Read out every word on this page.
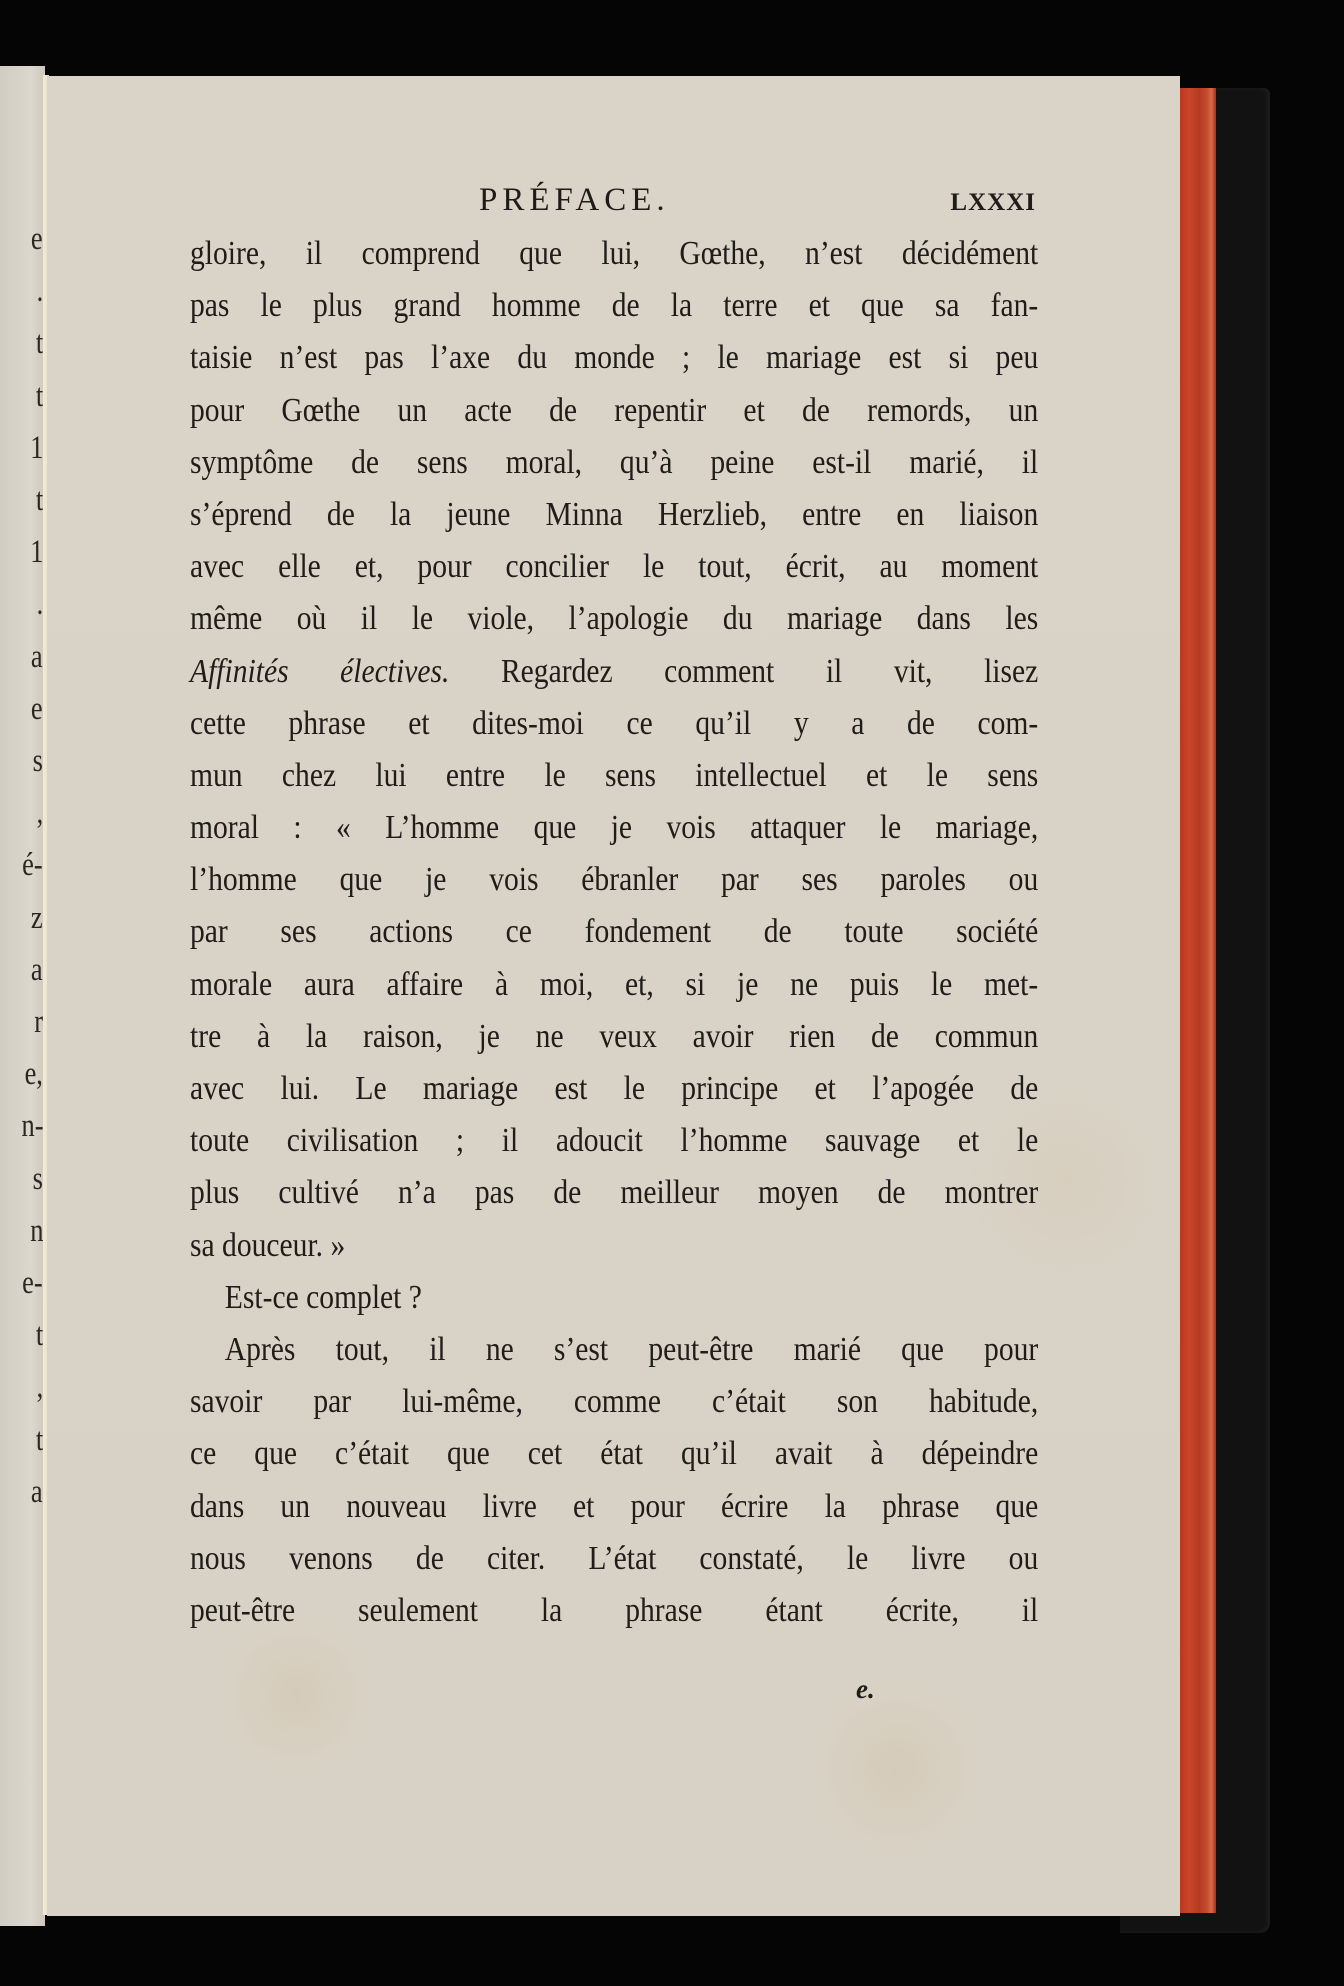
e
.
t
t
1
t
1
.
a
e
s
,
é-
z
a
r
e,
n-
s
n
e-
t
,
t
a
PRÉFACE.	LXXXI
gloire, il comprend que lui, Gœthe, n’est décidément
pas le plus grand homme de la terre et que sa fan-
taisie n’est pas l’axe du monde ; le mariage est si peu
pour Gœthe un acte de repentir et de remords, un
symptôme de sens moral, qu’à peine est-il marié, il
s’éprend de la jeune Minna Herzlieb, entre en liaison
avec elle et, pour concilier le tout, écrit, au moment
même où il le viole, l’apologie du mariage dans les
Affinités électives. Regardez comment il vit, lisez
cette phrase et dites-moi ce qu’il y a de com-
mun chez lui entre le sens intellectuel et le sens
moral : « L’homme que je vois attaquer le mariage,
l’homme que je vois ébranler par ses paroles ou
par ses actions ce fondement de toute société
morale aura affaire à moi, et, si je ne puis le met-
tre à la raison, je ne veux avoir rien de commun
avec lui. Le mariage est le principe et l’apogée de
toute civilisation ; il adoucit l’homme sauvage et le
plus cultivé n’a pas de meilleur moyen de montrer
sa douceur. »
Est-ce complet ?
Après tout, il ne s’est peut-être marié que pour
savoir par lui-même, comme c’était son habitude,
ce que c’était que cet état qu’il avait à dépeindre
dans un nouveau livre et pour écrire la phrase que
nous venons de citer. L’état constaté, le livre ou
peut-être seulement la phrase étant écrite, il
e.
